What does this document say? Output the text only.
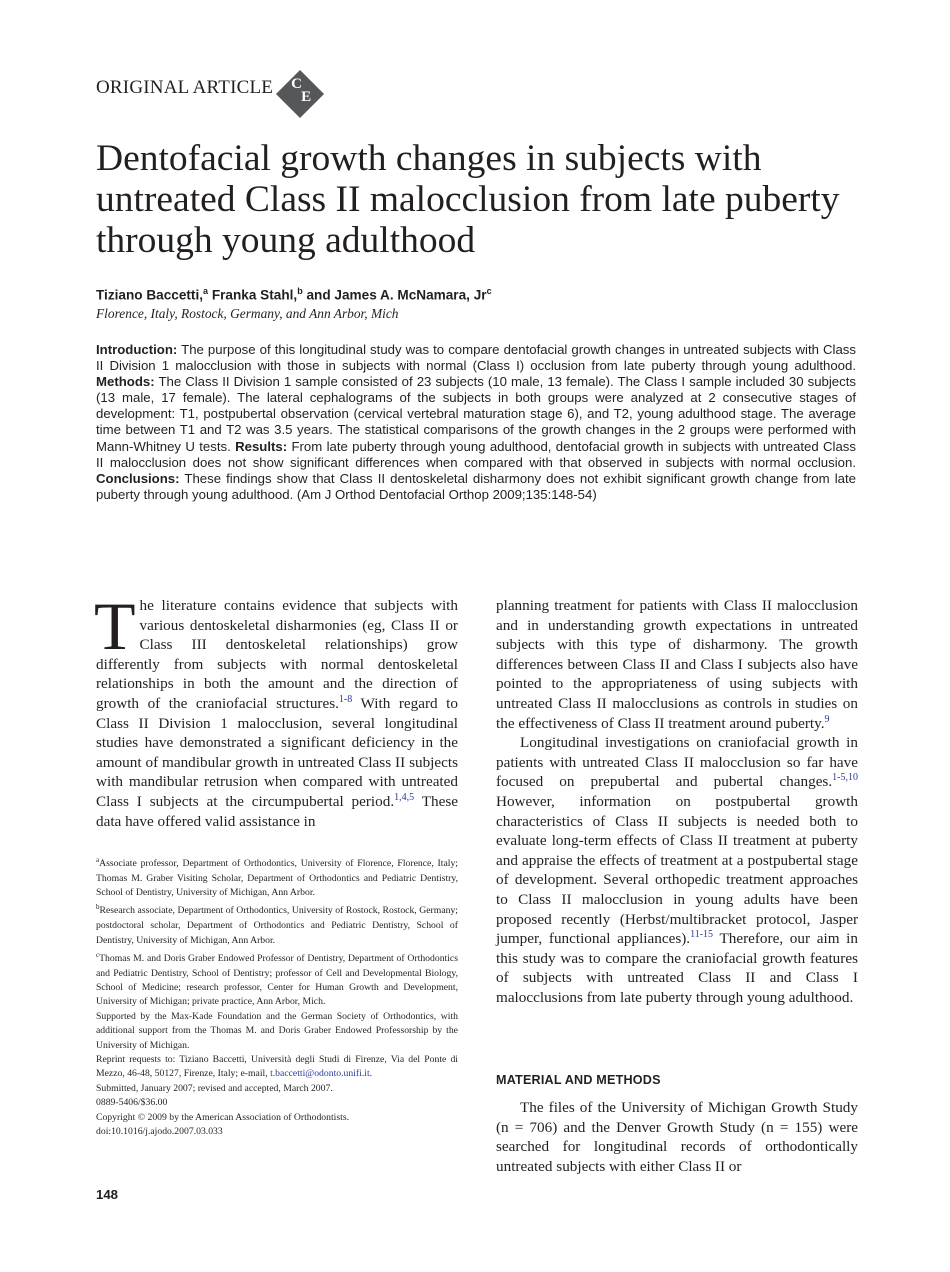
ORIGINAL ARTICLE C
E
Dentofacial growth changes in subjects with untreated Class II malocclusion from late puberty through young adulthood
Tiziano Baccetti,$^a$ Franka Stahl,$^b$ and James A. McNamara, Jr$^c$
Florence, Italy, Rostock, Germany, and Ann Arbor, Mich

Introduction: The purpose of this longitudinal study was to compare dentofacial growth changes in untreated subjects with Class II Division 1 malocclusion with those in subjects with normal (Class I) occlusion from late puberty through young adulthood. Methods: The Class II Division 1 sample consisted of 23 subjects (10 male, 13 female). The Class I sample included 30 subjects (13 male, 17 female). The lateral cephalograms of the subjects in both groups were analyzed at 2 consecutive stages of development: T1, postpubertal observation (cervical vertebral maturation stage 6), and T2, young adulthood stage. The average time between T1 and T2 was 3.5 years. The statistical comparisons of the growth changes in the 2 groups were performed with Mann-Whitney U tests. Results: From late puberty through young adulthood, dentofacial growth in subjects with untreated Class II malocclusion does not show significant differences when compared with that observed in subjects with normal occlusion. Conclusions: These findings show that Class II dentoskeletal disharmony does not exhibit significant growth change from late puberty through young adulthood. (Am J Orthod Dentofacial Orthop 2009;135:148-54)

The literature contains evidence that subjects with various dentoskeletal disharmonies (eg, Class II or Class III dentoskeletal relationships) grow differently from subjects with normal dentoskeletal relationships in both the amount and the direction of growth of the craniofacial structures.$^{1-8}$ With regard to Class II Division 1 malocclusion, several longitudinal studies have demonstrated a significant deficiency in the amount of mandibular growth in untreated Class II subjects with mandibular retrusion when compared with untreated Class I subjects at the circumpubertal period.$^{1,4,5}$ These data have offered valid assistance in

$^a$Associate professor, Department of Orthodontics, University of Florence, Florence, Italy; Thomas M. Graber Visiting Scholar, Department of Orthodontics and Pediatric Dentistry, School of Dentistry, University of Michigan, Ann Arbor.

$^b$Research associate, Department of Orthodontics, University of Rostock, Rostock, Germany; postdoctoral scholar, Department of Orthodontics and Pediatric Dentistry, School of Dentistry, University of Michigan, Ann Arbor.

$^c$Thomas M. and Doris Graber Endowed Professor of Dentistry, Department of Orthodontics and Pediatric Dentistry, School of Dentistry; professor of Cell and Developmental Biology, School of Medicine; research professor, Center for Human Growth and Development, University of Michigan; private practice, Ann Arbor, Mich.

Supported by the Max-Kade Foundation and the German Society of Orthodontics, with additional support from the Thomas M. and Doris Graber Endowed Professorship by the University of Michigan.

Reprint requests to: Tiziano Baccetti, Università degli Studi di Firenze, Via del Ponte di Mezzo, 46-48, 50127, Firenze, Italy; e-mail, t.baccetti@odonto.unifi.it.

Submitted, January 2007; revised and accepted, March 2007.

0889-5406/$36.00

Copyright © 2009 by the American Association of Orthodontists.

doi:10.1016/j.ajodo.2007.03.033

planning treatment for patients with Class II malocclusion and in understanding growth expectations in untreated subjects with this type of disharmony. The growth differences between Class II and Class I subjects also have pointed to the appropriateness of using subjects with untreated Class II malocclusions as controls in studies on the effectiveness of Class II treatment around puberty.$^9$

Longitudinal investigations on craniofacial growth in patients with untreated Class II malocclusion so far have focused on prepubertal and pubertal changes.$^{1-5,10}$ However, information on postpubertal growth characteristics of Class II subjects is needed both to evaluate long-term effects of Class II treatment at puberty and appraise the effects of treatment at a postpubertal stage of development. Several orthopedic treatment approaches to Class II malocclusion in young adults have been proposed recently (Herbst/multibracket protocol, Jasper jumper, functional appliances).$^{11-15}$ Therefore, our aim in this study was to compare the craniofacial growth features of subjects with untreated Class II and Class I malocclusions from late puberty through young adulthood.

MATERIAL AND METHODS

The files of the University of Michigan Growth Study (n = 706) and the Denver Growth Study (n = 155) were searched for longitudinal records of orthodontically untreated subjects with either Class II or

148
